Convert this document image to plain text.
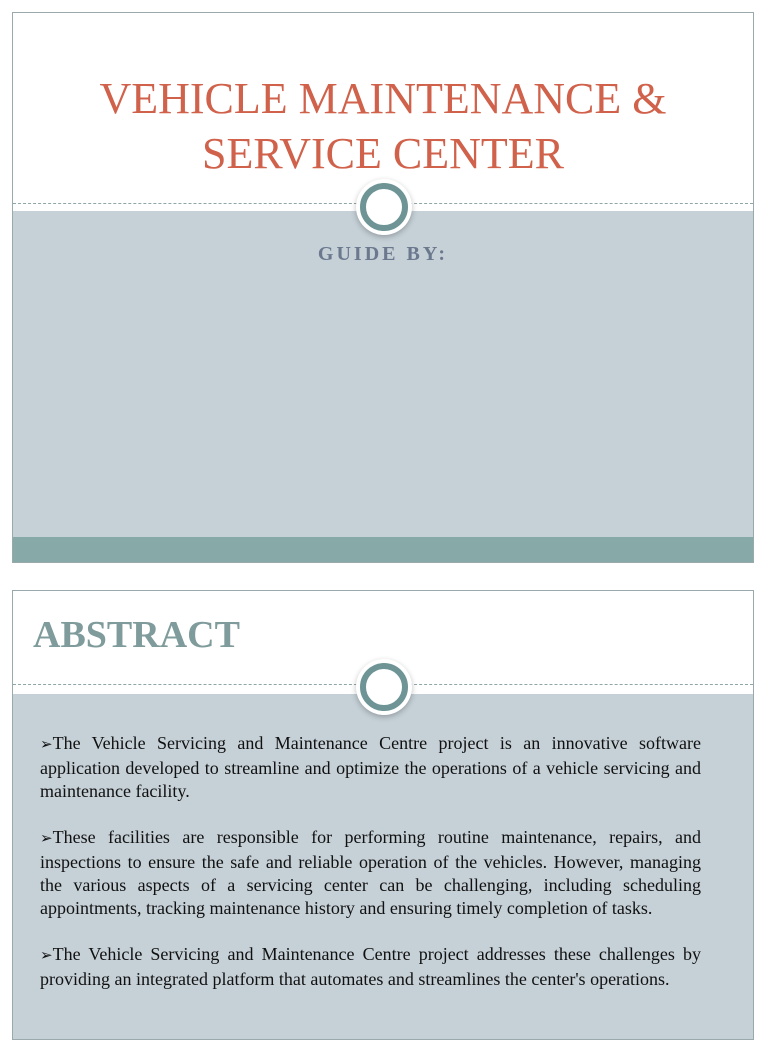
VEHICLE MAINTENANCE &
SERVICE CENTER
GUIDE BY:
ABSTRACT

➢The Vehicle Servicing and Maintenance Centre project is an innovative software application developed to streamline and optimize the operations of a vehicle servicing and maintenance facility.

➢These facilities are responsible for performing routine maintenance, repairs, and inspections to ensure the safe and reliable operation of the vehicles. However, managing the various aspects of a servicing center can be challenging, including scheduling appointments, tracking maintenance history and ensuring timely completion of tasks.

➢The Vehicle Servicing and Maintenance Centre project addresses these challenges by providing an integrated platform that automates and streamlines the center's operations.
